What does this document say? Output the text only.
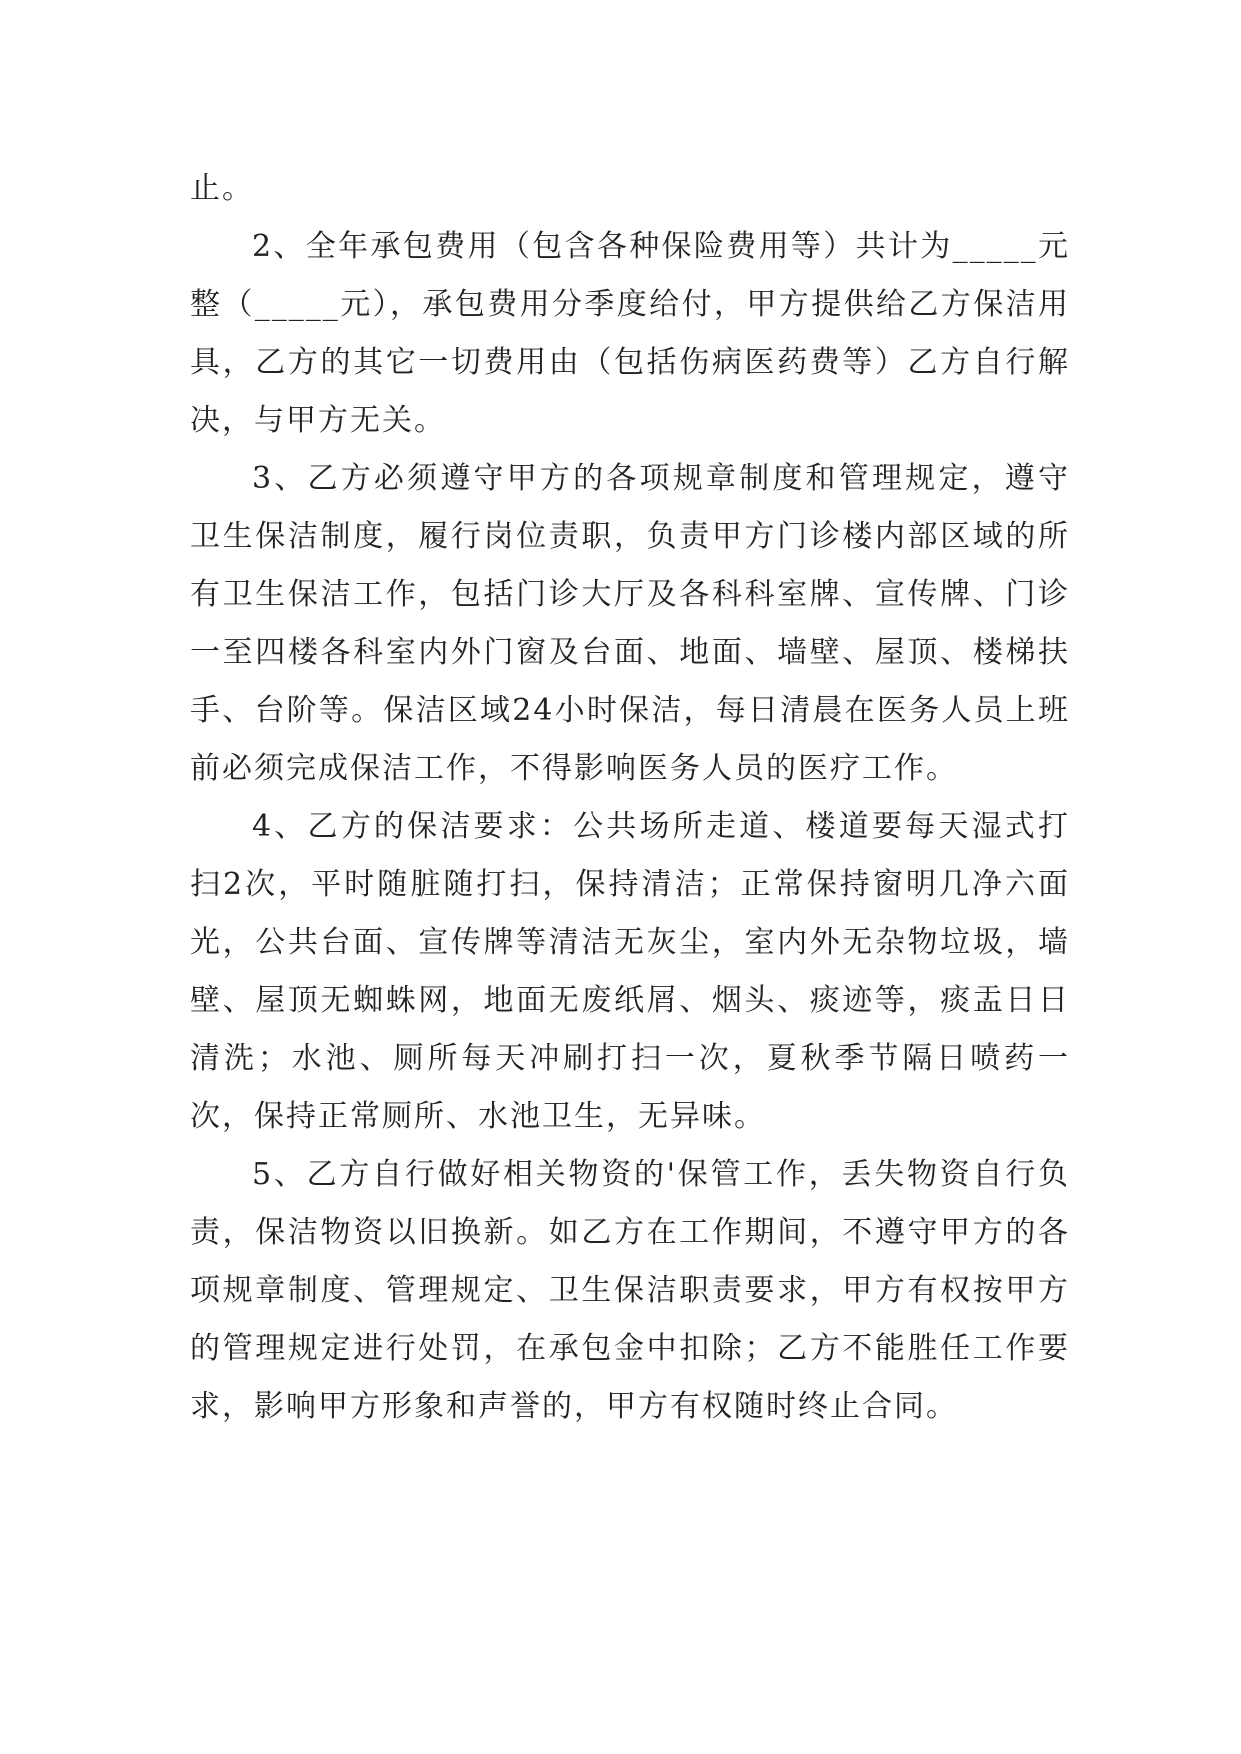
止。

2、全年承包费用（包含各种保险费用等）共计为_____元整（_____元），承包费用分季度给付，甲方提供给乙方保洁用具，乙方的其它一切费用由（包括伤病医药费等）乙方自行解决，与甲方无关。

3、乙方必须遵守甲方的各项规章制度和管理规定，遵守卫生保洁制度，履行岗位责职，负责甲方门诊楼内部区域的所有卫生保洁工作，包括门诊大厅及各科科室牌、宣传牌、门诊一至四楼各科室内外门窗及台面、地面、墙壁、屋顶、楼梯扶手、台阶等。保洁区域24小时保洁，每日清晨在医务人员上班前必须完成保洁工作，不得影响医务人员的医疗工作。

4、乙方的保洁要求：公共场所走道、楼道要每天湿式打扫2次，平时随脏随打扫，保持清洁；正常保持窗明几净六面光，公共台面、宣传牌等清洁无灰尘，室内外无杂物垃圾，墙壁、屋顶无蜘蛛网，地面无废纸屑、烟头、痰迹等，痰盂日日清洗；水池、厕所每天冲刷打扫一次，夏秋季节隔日喷药一次，保持正常厕所、水池卫生，无异味。

5、乙方自行做好相关物资的'保管工作，丢失物资自行负责，保洁物资以旧换新。如乙方在工作期间，不遵守甲方的各项规章制度、管理规定、卫生保洁职责要求，甲方有权按甲方的管理规定进行处罚，在承包金中扣除；乙方不能胜任工作要求，影响甲方形象和声誉的，甲方有权随时终止合同。
